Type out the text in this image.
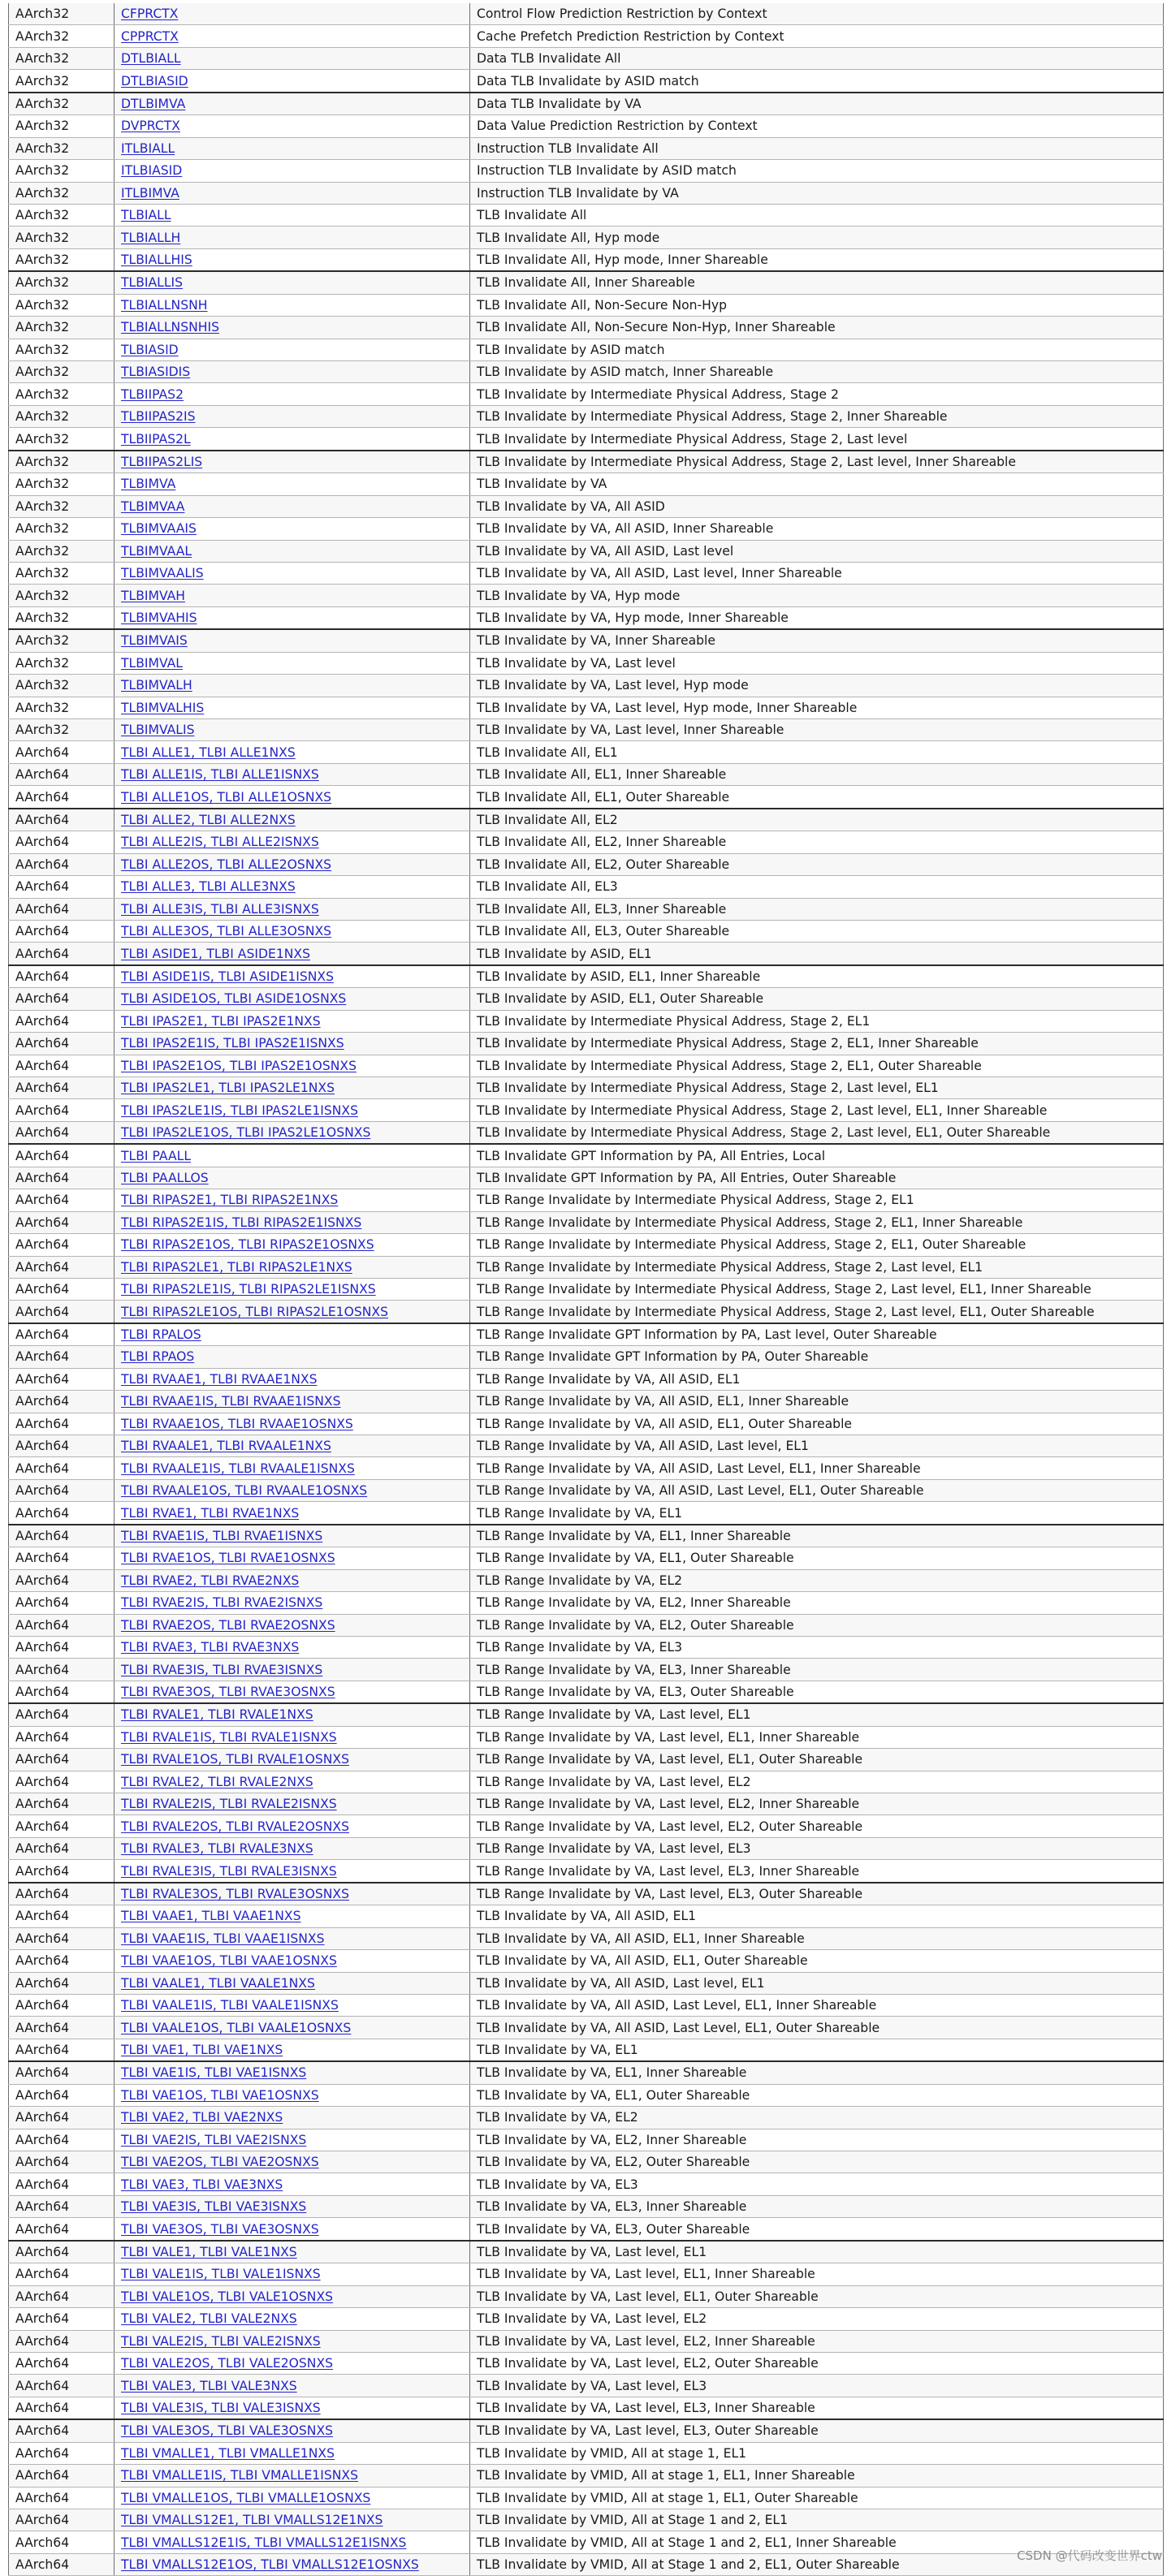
AArch32	CFPRCTX	Control Flow Prediction Restriction by Context
AArch32	CPPRCTX	Cache Prefetch Prediction Restriction by Context
AArch32	DTLBIALL	Data TLB Invalidate All
AArch32	DTLBIASID	Data TLB Invalidate by ASID match
AArch32	DTLBIMVA	Data TLB Invalidate by VA
AArch32	DVPRCTX	Data Value Prediction Restriction by Context
AArch32	ITLBIALL	Instruction TLB Invalidate All
AArch32	ITLBIASID	Instruction TLB Invalidate by ASID match
AArch32	ITLBIMVA	Instruction TLB Invalidate by VA
AArch32	TLBIALL	TLB Invalidate All
AArch32	TLBIALLH	TLB Invalidate All, Hyp mode
AArch32	TLBIALLHIS	TLB Invalidate All, Hyp mode, Inner Shareable
AArch32	TLBIALLIS	TLB Invalidate All, Inner Shareable
AArch32	TLBIALLNSNH	TLB Invalidate All, Non-Secure Non-Hyp
AArch32	TLBIALLNSNHIS	TLB Invalidate All, Non-Secure Non-Hyp, Inner Shareable
AArch32	TLBIASID	TLB Invalidate by ASID match
AArch32	TLBIASIDIS	TLB Invalidate by ASID match, Inner Shareable
AArch32	TLBIIPAS2	TLB Invalidate by Intermediate Physical Address, Stage 2
AArch32	TLBIIPAS2IS	TLB Invalidate by Intermediate Physical Address, Stage 2, Inner Shareable
AArch32	TLBIIPAS2L	TLB Invalidate by Intermediate Physical Address, Stage 2, Last level
AArch32	TLBIIPAS2LIS	TLB Invalidate by Intermediate Physical Address, Stage 2, Last level, Inner Shareable
AArch32	TLBIMVA	TLB Invalidate by VA
AArch32	TLBIMVAA	TLB Invalidate by VA, All ASID
AArch32	TLBIMVAAIS	TLB Invalidate by VA, All ASID, Inner Shareable
AArch32	TLBIMVAAL	TLB Invalidate by VA, All ASID, Last level
AArch32	TLBIMVAALIS	TLB Invalidate by VA, All ASID, Last level, Inner Shareable
AArch32	TLBIMVAH	TLB Invalidate by VA, Hyp mode
AArch32	TLBIMVAHIS	TLB Invalidate by VA, Hyp mode, Inner Shareable
AArch32	TLBIMVAIS	TLB Invalidate by VA, Inner Shareable
AArch32	TLBIMVAL	TLB Invalidate by VA, Last level
AArch32	TLBIMVALH	TLB Invalidate by VA, Last level, Hyp mode
AArch32	TLBIMVALHIS	TLB Invalidate by VA, Last level, Hyp mode, Inner Shareable
AArch32	TLBIMVALIS	TLB Invalidate by VA, Last level, Inner Shareable
AArch64	TLBI ALLE1, TLBI ALLE1NXS	TLB Invalidate All, EL1
AArch64	TLBI ALLE1IS, TLBI ALLE1ISNXS	TLB Invalidate All, EL1, Inner Shareable
AArch64	TLBI ALLE1OS, TLBI ALLE1OSNXS	TLB Invalidate All, EL1, Outer Shareable
AArch64	TLBI ALLE2, TLBI ALLE2NXS	TLB Invalidate All, EL2
AArch64	TLBI ALLE2IS, TLBI ALLE2ISNXS	TLB Invalidate All, EL2, Inner Shareable
AArch64	TLBI ALLE2OS, TLBI ALLE2OSNXS	TLB Invalidate All, EL2, Outer Shareable
AArch64	TLBI ALLE3, TLBI ALLE3NXS	TLB Invalidate All, EL3
AArch64	TLBI ALLE3IS, TLBI ALLE3ISNXS	TLB Invalidate All, EL3, Inner Shareable
AArch64	TLBI ALLE3OS, TLBI ALLE3OSNXS	TLB Invalidate All, EL3, Outer Shareable
AArch64	TLBI ASIDE1, TLBI ASIDE1NXS	TLB Invalidate by ASID, EL1
AArch64	TLBI ASIDE1IS, TLBI ASIDE1ISNXS	TLB Invalidate by ASID, EL1, Inner Shareable
AArch64	TLBI ASIDE1OS, TLBI ASIDE1OSNXS	TLB Invalidate by ASID, EL1, Outer Shareable
AArch64	TLBI IPAS2E1, TLBI IPAS2E1NXS	TLB Invalidate by Intermediate Physical Address, Stage 2, EL1
AArch64	TLBI IPAS2E1IS, TLBI IPAS2E1ISNXS	TLB Invalidate by Intermediate Physical Address, Stage 2, EL1, Inner Shareable
AArch64	TLBI IPAS2E1OS, TLBI IPAS2E1OSNXS	TLB Invalidate by Intermediate Physical Address, Stage 2, EL1, Outer Shareable
AArch64	TLBI IPAS2LE1, TLBI IPAS2LE1NXS	TLB Invalidate by Intermediate Physical Address, Stage 2, Last level, EL1
AArch64	TLBI IPAS2LE1IS, TLBI IPAS2LE1ISNXS	TLB Invalidate by Intermediate Physical Address, Stage 2, Last level, EL1, Inner Shareable
AArch64	TLBI IPAS2LE1OS, TLBI IPAS2LE1OSNXS	TLB Invalidate by Intermediate Physical Address, Stage 2, Last level, EL1, Outer Shareable
AArch64	TLBI PAALL	TLB Invalidate GPT Information by PA, All Entries, Local
AArch64	TLBI PAALLOS	TLB Invalidate GPT Information by PA, All Entries, Outer Shareable
AArch64	TLBI RIPAS2E1, TLBI RIPAS2E1NXS	TLB Range Invalidate by Intermediate Physical Address, Stage 2, EL1
AArch64	TLBI RIPAS2E1IS, TLBI RIPAS2E1ISNXS	TLB Range Invalidate by Intermediate Physical Address, Stage 2, EL1, Inner Shareable
AArch64	TLBI RIPAS2E1OS, TLBI RIPAS2E1OSNXS	TLB Range Invalidate by Intermediate Physical Address, Stage 2, EL1, Outer Shareable
AArch64	TLBI RIPAS2LE1, TLBI RIPAS2LE1NXS	TLB Range Invalidate by Intermediate Physical Address, Stage 2, Last level, EL1
AArch64	TLBI RIPAS2LE1IS, TLBI RIPAS2LE1ISNXS	TLB Range Invalidate by Intermediate Physical Address, Stage 2, Last level, EL1, Inner Shareable
AArch64	TLBI RIPAS2LE1OS, TLBI RIPAS2LE1OSNXS	TLB Range Invalidate by Intermediate Physical Address, Stage 2, Last level, EL1, Outer Shareable
AArch64	TLBI RPALOS	TLB Range Invalidate GPT Information by PA, Last level, Outer Shareable
AArch64	TLBI RPAOS	TLB Range Invalidate GPT Information by PA, Outer Shareable
AArch64	TLBI RVAAE1, TLBI RVAAE1NXS	TLB Range Invalidate by VA, All ASID, EL1
AArch64	TLBI RVAAE1IS, TLBI RVAAE1ISNXS	TLB Range Invalidate by VA, All ASID, EL1, Inner Shareable
AArch64	TLBI RVAAE1OS, TLBI RVAAE1OSNXS	TLB Range Invalidate by VA, All ASID, EL1, Outer Shareable
AArch64	TLBI RVAALE1, TLBI RVAALE1NXS	TLB Range Invalidate by VA, All ASID, Last level, EL1
AArch64	TLBI RVAALE1IS, TLBI RVAALE1ISNXS	TLB Range Invalidate by VA, All ASID, Last Level, EL1, Inner Shareable
AArch64	TLBI RVAALE1OS, TLBI RVAALE1OSNXS	TLB Range Invalidate by VA, All ASID, Last Level, EL1, Outer Shareable
AArch64	TLBI RVAE1, TLBI RVAE1NXS	TLB Range Invalidate by VA, EL1
AArch64	TLBI RVAE1IS, TLBI RVAE1ISNXS	TLB Range Invalidate by VA, EL1, Inner Shareable
AArch64	TLBI RVAE1OS, TLBI RVAE1OSNXS	TLB Range Invalidate by VA, EL1, Outer Shareable
AArch64	TLBI RVAE2, TLBI RVAE2NXS	TLB Range Invalidate by VA, EL2
AArch64	TLBI RVAE2IS, TLBI RVAE2ISNXS	TLB Range Invalidate by VA, EL2, Inner Shareable
AArch64	TLBI RVAE2OS, TLBI RVAE2OSNXS	TLB Range Invalidate by VA, EL2, Outer Shareable
AArch64	TLBI RVAE3, TLBI RVAE3NXS	TLB Range Invalidate by VA, EL3
AArch64	TLBI RVAE3IS, TLBI RVAE3ISNXS	TLB Range Invalidate by VA, EL3, Inner Shareable
AArch64	TLBI RVAE3OS, TLBI RVAE3OSNXS	TLB Range Invalidate by VA, EL3, Outer Shareable
AArch64	TLBI RVALE1, TLBI RVALE1NXS	TLB Range Invalidate by VA, Last level, EL1
AArch64	TLBI RVALE1IS, TLBI RVALE1ISNXS	TLB Range Invalidate by VA, Last level, EL1, Inner Shareable
AArch64	TLBI RVALE1OS, TLBI RVALE1OSNXS	TLB Range Invalidate by VA, Last level, EL1, Outer Shareable
AArch64	TLBI RVALE2, TLBI RVALE2NXS	TLB Range Invalidate by VA, Last level, EL2
AArch64	TLBI RVALE2IS, TLBI RVALE2ISNXS	TLB Range Invalidate by VA, Last level, EL2, Inner Shareable
AArch64	TLBI RVALE2OS, TLBI RVALE2OSNXS	TLB Range Invalidate by VA, Last level, EL2, Outer Shareable
AArch64	TLBI RVALE3, TLBI RVALE3NXS	TLB Range Invalidate by VA, Last level, EL3
AArch64	TLBI RVALE3IS, TLBI RVALE3ISNXS	TLB Range Invalidate by VA, Last level, EL3, Inner Shareable
AArch64	TLBI RVALE3OS, TLBI RVALE3OSNXS	TLB Range Invalidate by VA, Last level, EL3, Outer Shareable
AArch64	TLBI VAAE1, TLBI VAAE1NXS	TLB Invalidate by VA, All ASID, EL1
AArch64	TLBI VAAE1IS, TLBI VAAE1ISNXS	TLB Invalidate by VA, All ASID, EL1, Inner Shareable
AArch64	TLBI VAAE1OS, TLBI VAAE1OSNXS	TLB Invalidate by VA, All ASID, EL1, Outer Shareable
AArch64	TLBI VAALE1, TLBI VAALE1NXS	TLB Invalidate by VA, All ASID, Last level, EL1
AArch64	TLBI VAALE1IS, TLBI VAALE1ISNXS	TLB Invalidate by VA, All ASID, Last Level, EL1, Inner Shareable
AArch64	TLBI VAALE1OS, TLBI VAALE1OSNXS	TLB Invalidate by VA, All ASID, Last Level, EL1, Outer Shareable
AArch64	TLBI VAE1, TLBI VAE1NXS	TLB Invalidate by VA, EL1
AArch64	TLBI VAE1IS, TLBI VAE1ISNXS	TLB Invalidate by VA, EL1, Inner Shareable
AArch64	TLBI VAE1OS, TLBI VAE1OSNXS	TLB Invalidate by VA, EL1, Outer Shareable
AArch64	TLBI VAE2, TLBI VAE2NXS	TLB Invalidate by VA, EL2
AArch64	TLBI VAE2IS, TLBI VAE2ISNXS	TLB Invalidate by VA, EL2, Inner Shareable
AArch64	TLBI VAE2OS, TLBI VAE2OSNXS	TLB Invalidate by VA, EL2, Outer Shareable
AArch64	TLBI VAE3, TLBI VAE3NXS	TLB Invalidate by VA, EL3
AArch64	TLBI VAE3IS, TLBI VAE3ISNXS	TLB Invalidate by VA, EL3, Inner Shareable
AArch64	TLBI VAE3OS, TLBI VAE3OSNXS	TLB Invalidate by VA, EL3, Outer Shareable
AArch64	TLBI VALE1, TLBI VALE1NXS	TLB Invalidate by VA, Last level, EL1
AArch64	TLBI VALE1IS, TLBI VALE1ISNXS	TLB Invalidate by VA, Last level, EL1, Inner Shareable
AArch64	TLBI VALE1OS, TLBI VALE1OSNXS	TLB Invalidate by VA, Last level, EL1, Outer Shareable
AArch64	TLBI VALE2, TLBI VALE2NXS	TLB Invalidate by VA, Last level, EL2
AArch64	TLBI VALE2IS, TLBI VALE2ISNXS	TLB Invalidate by VA, Last level, EL2, Inner Shareable
AArch64	TLBI VALE2OS, TLBI VALE2OSNXS	TLB Invalidate by VA, Last level, EL2, Outer Shareable
AArch64	TLBI VALE3, TLBI VALE3NXS	TLB Invalidate by VA, Last level, EL3
AArch64	TLBI VALE3IS, TLBI VALE3ISNXS	TLB Invalidate by VA, Last level, EL3, Inner Shareable
AArch64	TLBI VALE3OS, TLBI VALE3OSNXS	TLB Invalidate by VA, Last level, EL3, Outer Shareable
AArch64	TLBI VMALLE1, TLBI VMALLE1NXS	TLB Invalidate by VMID, All at stage 1, EL1
AArch64	TLBI VMALLE1IS, TLBI VMALLE1ISNXS	TLB Invalidate by VMID, All at stage 1, EL1, Inner Shareable
AArch64	TLBI VMALLE1OS, TLBI VMALLE1OSNXS	TLB Invalidate by VMID, All at stage 1, EL1, Outer Shareable
AArch64	TLBI VMALLS12E1, TLBI VMALLS12E1NXS	TLB Invalidate by VMID, All at Stage 1 and 2, EL1
AArch64	TLBI VMALLS12E1IS, TLBI VMALLS12E1ISNXS	TLB Invalidate by VMID, All at Stage 1 and 2, EL1, Inner Shareable
AArch64	TLBI VMALLS12E1OS, TLBI VMALLS12E1OSNXS	TLB Invalidate by VMID, All at Stage 1 and 2, EL1, Outer Shareable
CSDN @代码改变世界ctw
